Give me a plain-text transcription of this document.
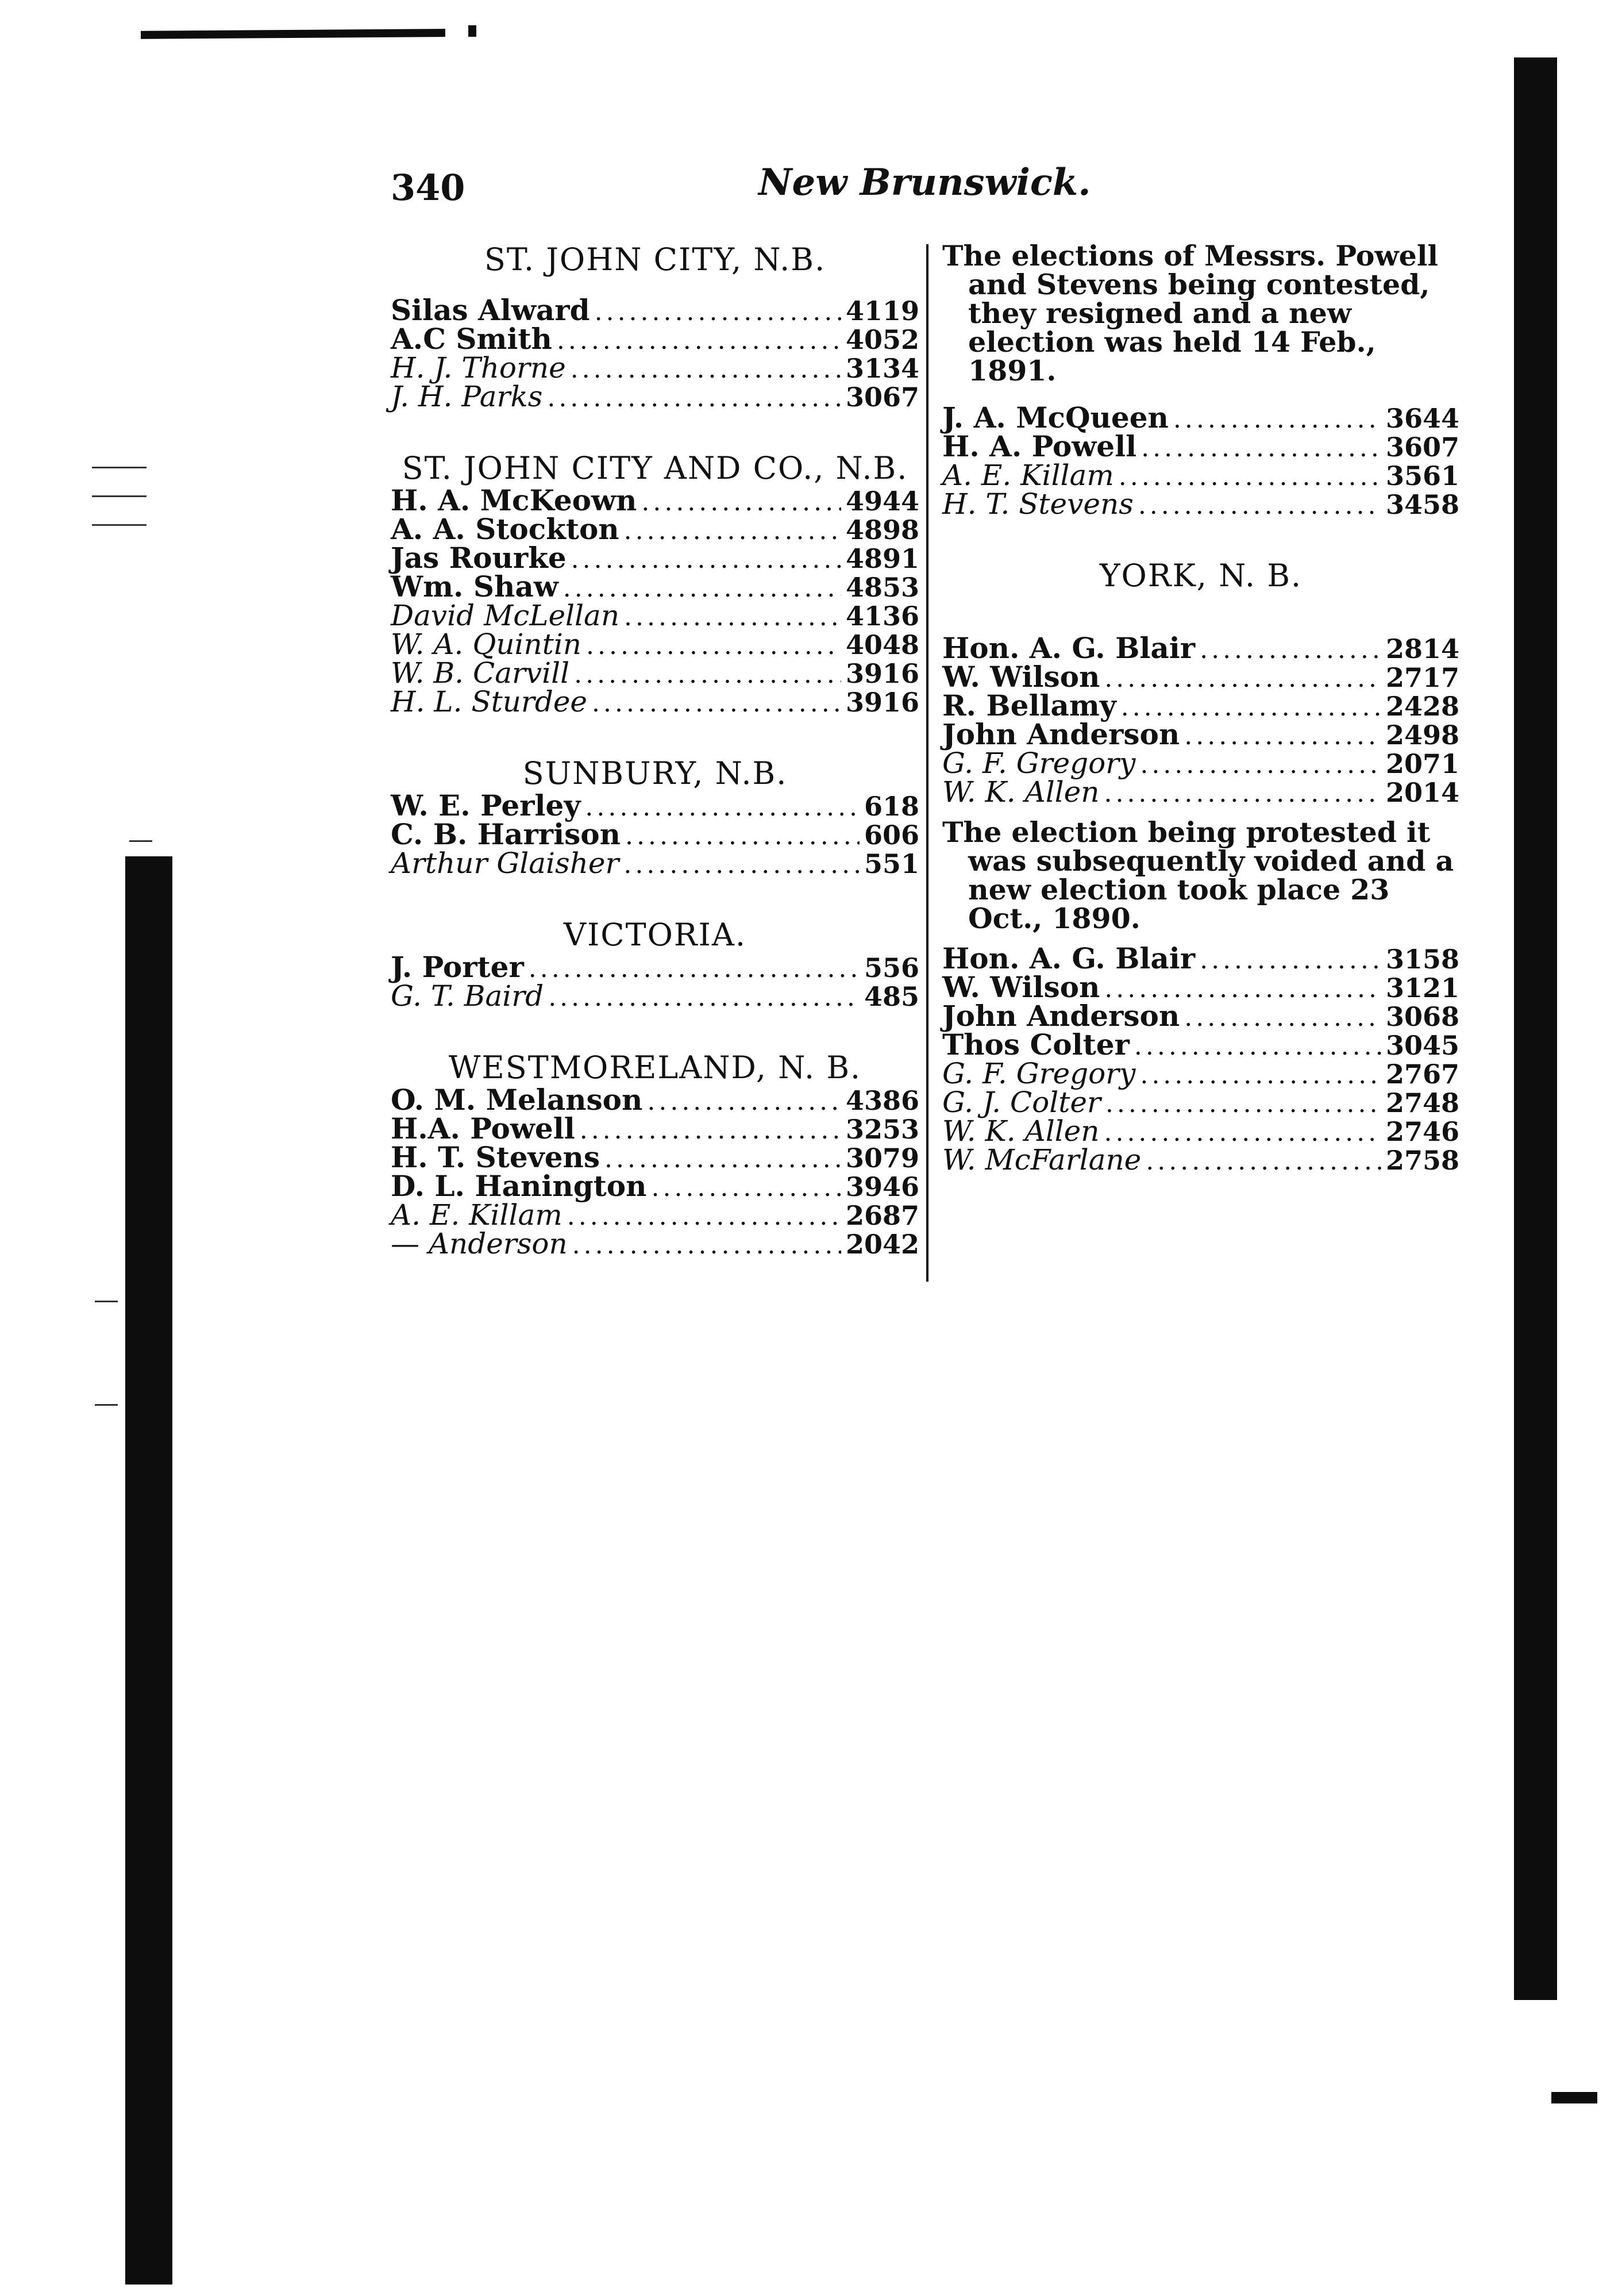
340	New Brunswick.
ST. JOHN CITY, N.B.
Silas Alward .....	4119
A.C Smith .....	4052
H. J. Thorne .....	3134
J. H. Parks .....	3067
ST. JOHN CITY AND CO., N.B.
H. A. McKeown .....	4944
A. A. Stockton .....	4898
Jas Rourke .....	4891
Wm. Shaw .....	4853
David McLellan .....	4136
W. A. Quintin .....	4048
W. B. Carvill .....	3916
H. L. Sturdee .....	3916
SUNBURY, N.B.
W. E. Perley .....	618
C. B. Harrison .....	606
Arthur Glaisher .....	551
VICTORIA.
J. Porter .....	556
G. T. Baird .....	485
WESTMORELAND, N. B.
O. M. Melanson .....	4386
H.A. Powell .....	3253
H. T. Stevens .....	3079
D. L. Hanington .....	3946
A. E. Killam .....	2687
— Anderson .....	2042

The elections of Messrs. Powell and Stevens being contested, they resigned and a new election was held 14 Feb., 1891.

J. A. McQueen .....	3644
H. A. Powell .....	3607
A. E. Killam .....	3561
H. T. Stevens .....	3458
YORK, N. B.
Hon. A. G. Blair .....	2814
W. Wilson .....	2717
R. Bellamy .....	2428
John Anderson .....	2498
G. F. Gregory .....	2071
W. K. Allen .....	2014

The election being protested it was subsequently voided and a new election took place 23 Oct., 1890.

Hon. A. G. Blair .....	3158
W. Wilson .....	3121
John Anderson .....	3068
Thos Colter .....	3045
G. F. Gregory .....	2767
G. J. Colter .....	2748
W. K. Allen .....	2746
W. McFarlane .....	2758
